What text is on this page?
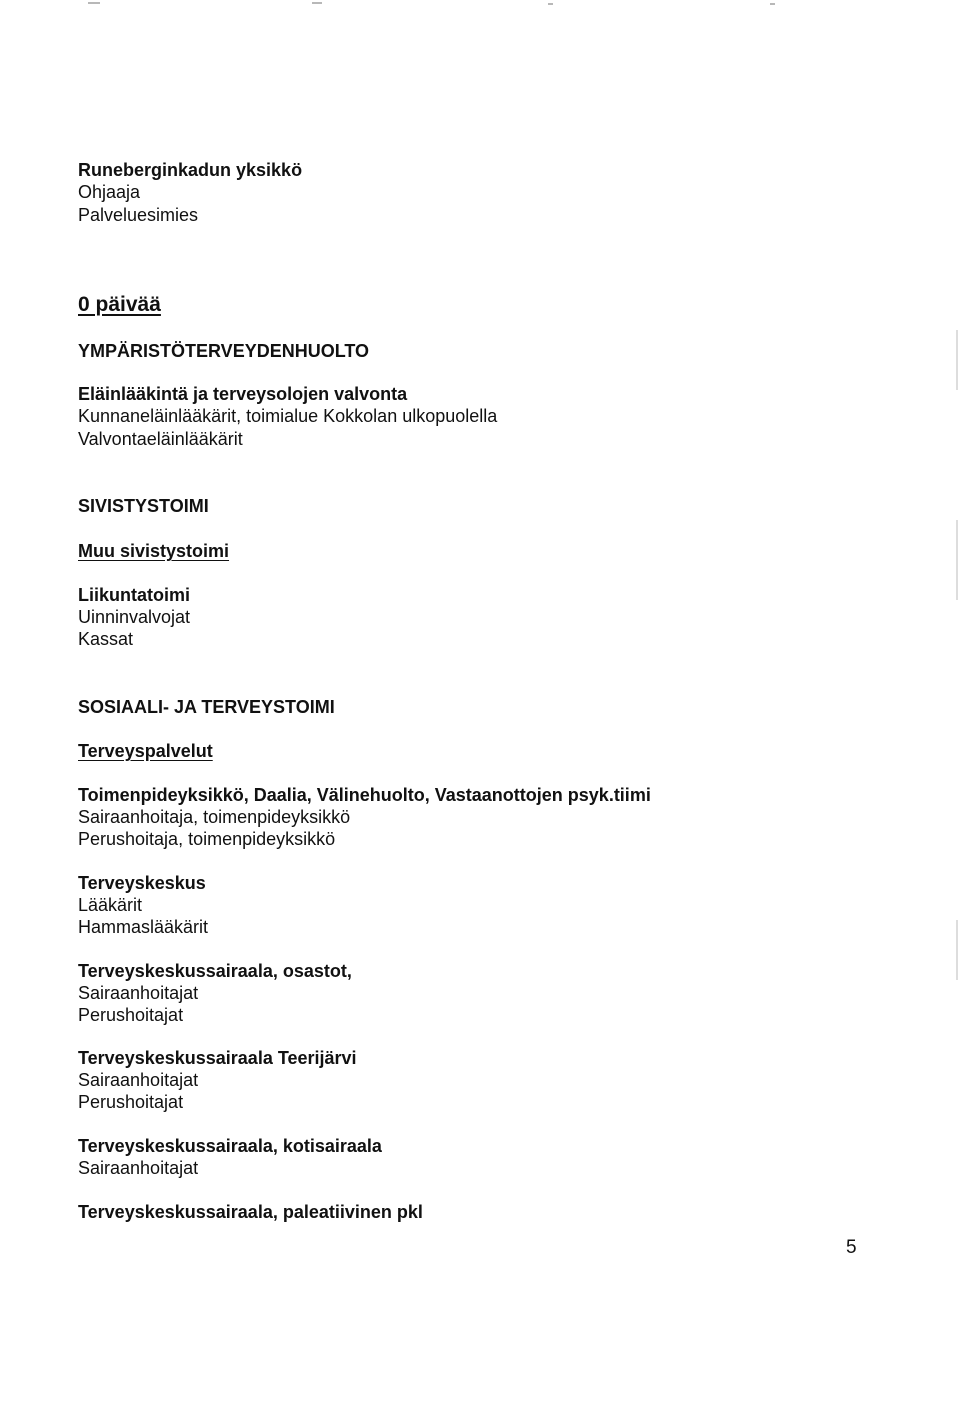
Runeberginkadun yksikkö
Ohjaaja
Palveluesimies
0 päivää
YMPÄRISTÖTERVEYDENHUOLTO
Eläinlääkintä ja terveysolojen valvonta
Kunnaneläinlääkärit, toimialue Kokkolan ulkopuolella
Valvontaeläinlääkärit
SIVISTYSTOIMI
Muu sivistystoimi
Liikuntatoimi
Uinninvalvojat
Kassat
SOSIAALI- JA TERVEYSTOIMI
Terveyspalvelut
Toimenpideyksikkö, Daalia, Välinehuolto, Vastaanottojen psyk.tiimi
Sairaanhoitaja, toimenpideyksikkö
Perushoitaja, toimenpideyksikkö
Terveyskeskus
Lääkärit
Hammaslääkärit
Terveyskeskussairaala, osastot,
Sairaanhoitajat
Perushoitajat
Terveyskeskussairaala Teerijärvi
Sairaanhoitajat
Perushoitajat
Terveyskeskussairaala, kotisairaala
Sairaanhoitajat
Terveyskeskussairaala, paleatiivinen pkl
5
